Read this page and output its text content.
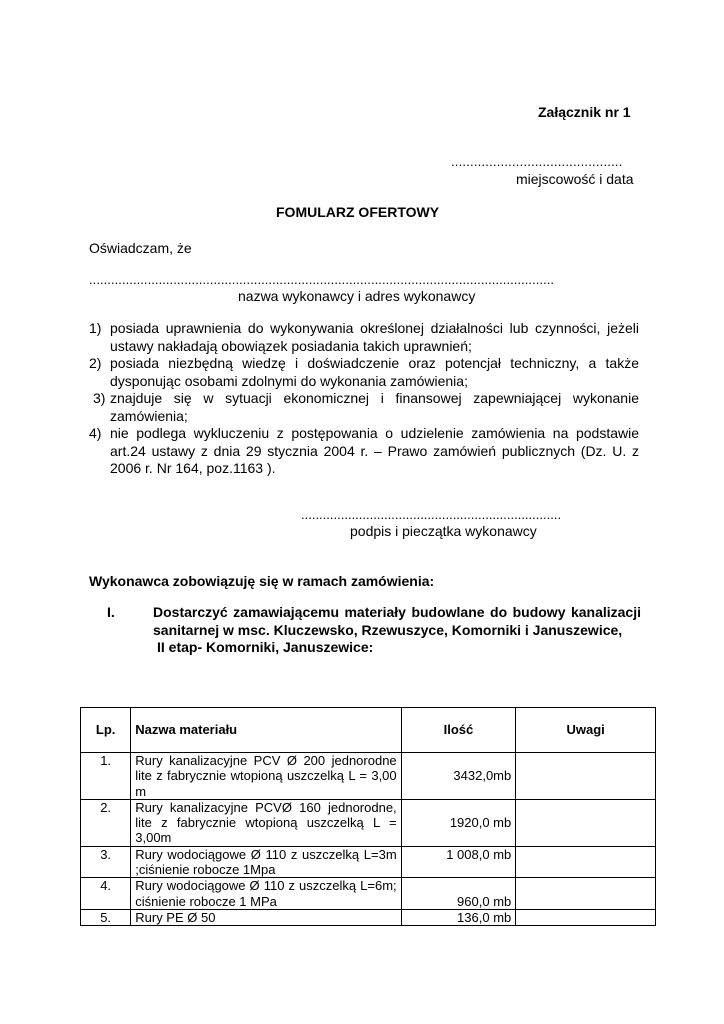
Załącznik nr 1
.............................................
miejscowość i data
FOMULARZ OFERTOWY
Oświadczam, że
...............................................................................................................................
nazwa wykonawcy i adres wykonawcy
1) posiada uprawnienia do wykonywania określonej działalności lub czynności, jeżeli ustawy nakładają obowiązek posiadania takich uprawnień;
2) posiada niezbędną wiedzę i doświadczenie oraz potencjał techniczny, a także dysponując osobami zdolnymi do wykonania zamówienia;
3) znajduje się w sytuacji ekonomicznej i finansowej zapewniającej wykonanie zamówienia;
4) nie podlega wykluczeniu z postępowania o udzielenie zamówienia na podstawie art.24 ustawy z dnia 29 stycznia 2004 r. – Prawo zamówień publicznych (Dz. U. z 2006 r. Nr 164, poz.1163 ).
........................................................................
podpis i pieczątka wykonawcy
Wykonawca zobowiązuję się w ramach zamówienia:
I.	Dostarczyć zamawiającemu materiały budowlane do budowy kanalizacji sanitarnej w msc. Kluczewsko, Rzewuszyce, Komorniki i Januszewice,
II etap- Komorniki, Januszewice:
Lp.	Nazwa materiału	Ilość	Uwagi
1.	Rury kanalizacyjne PCV Ø 200 jednorodne lite z fabrycznie wtopioną uszczelką L = 3,00 m	3432,0mb	
2.	Rury kanalizacyjne PCVØ 160 jednorodne, lite z fabrycznie wtopioną uszczelką L = 3,00m	1920,0 mb	
3.	Rury wodociągowe Ø 110 z uszczelką L=3m ;ciśnienie robocze 1Mpa	1 008,0 mb	
4.	Rury wodociągowe Ø 110 z uszczelką L=6m; ciśnienie robocze 1 MPa	960,0 mb	
5.	Rury PE Ø 50	136,0 mb	
